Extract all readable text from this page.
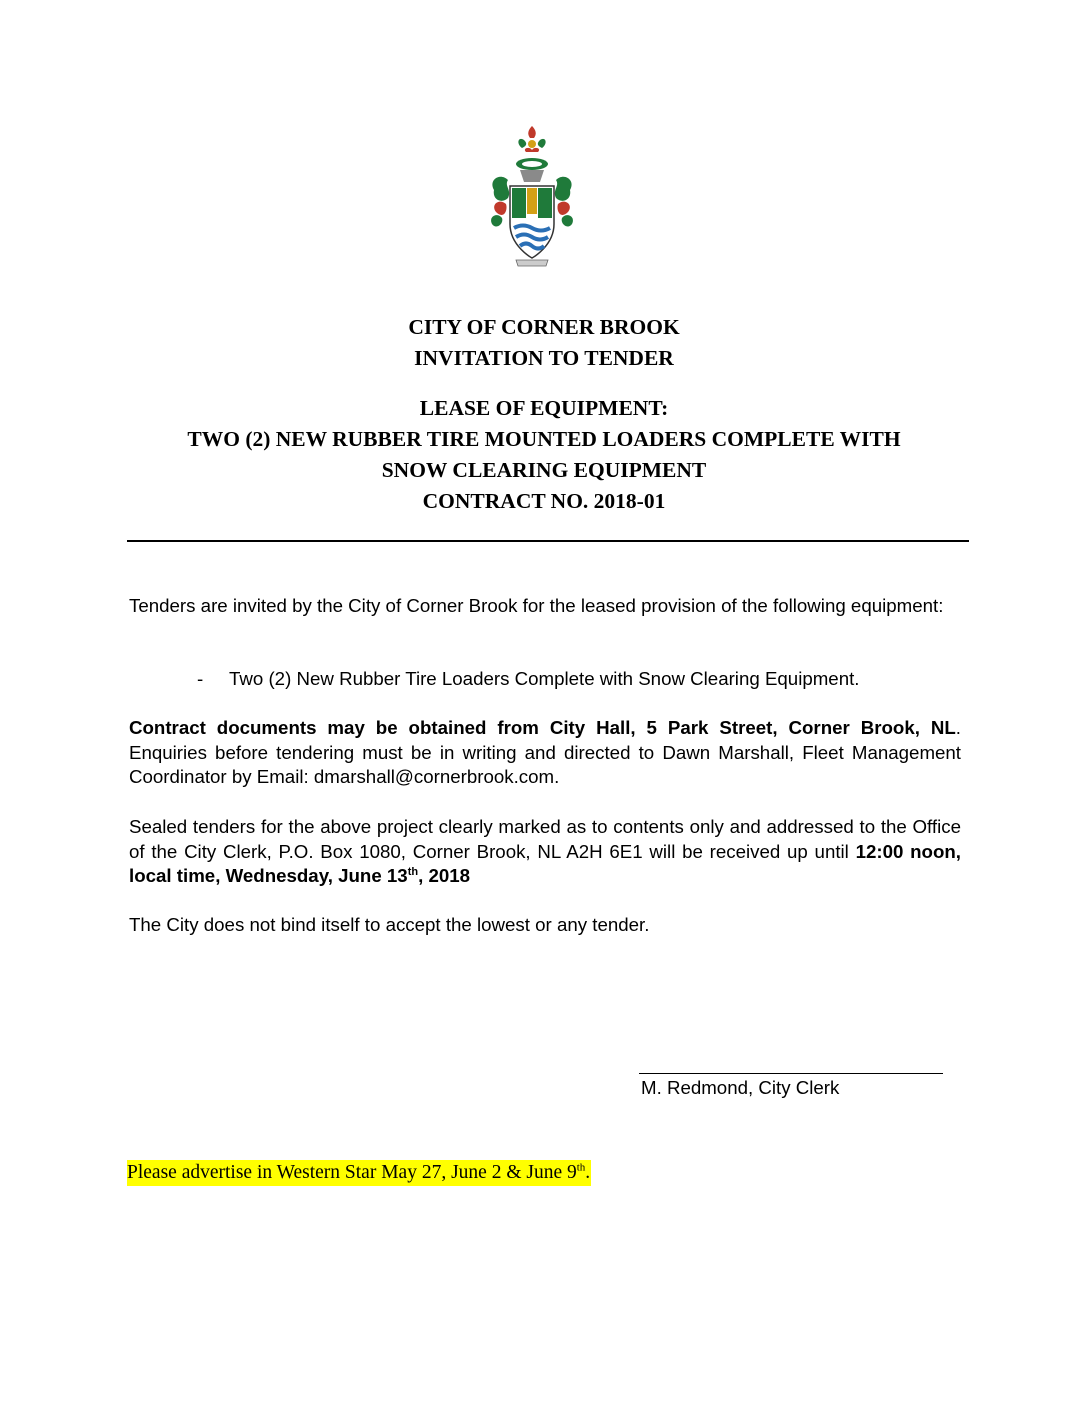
CITY OF CORNER BROOK
INVITATION TO TENDER
LEASE OF EQUIPMENT:
TWO (2) NEW RUBBER TIRE MOUNTED LOADERS COMPLETE WITH
SNOW CLEARING EQUIPMENT
CONTRACT NO. 2018-01
Tenders are invited by the City of Corner Brook for the leased provision of the following equipment:
- Two (2) New Rubber Tire Loaders Complete with Snow Clearing Equipment.
Contract documents may be obtained from City Hall, 5 Park Street, Corner Brook, NL. Enquiries before tendering must be in writing and directed to Dawn Marshall, Fleet Management Coordinator by Email: dmarshall@cornerbrook.com.
Sealed tenders for the above project clearly marked as to contents only and addressed to the Office of the City Clerk, P.O. Box 1080, Corner Brook, NL A2H 6E1 will be received up until 12:00 noon, local time, Wednesday, June 13th, 2018
The City does not bind itself to accept the lowest or any tender.
M. Redmond, City Clerk
Please advertise in Western Star May 27, June 2 & June 9th.
